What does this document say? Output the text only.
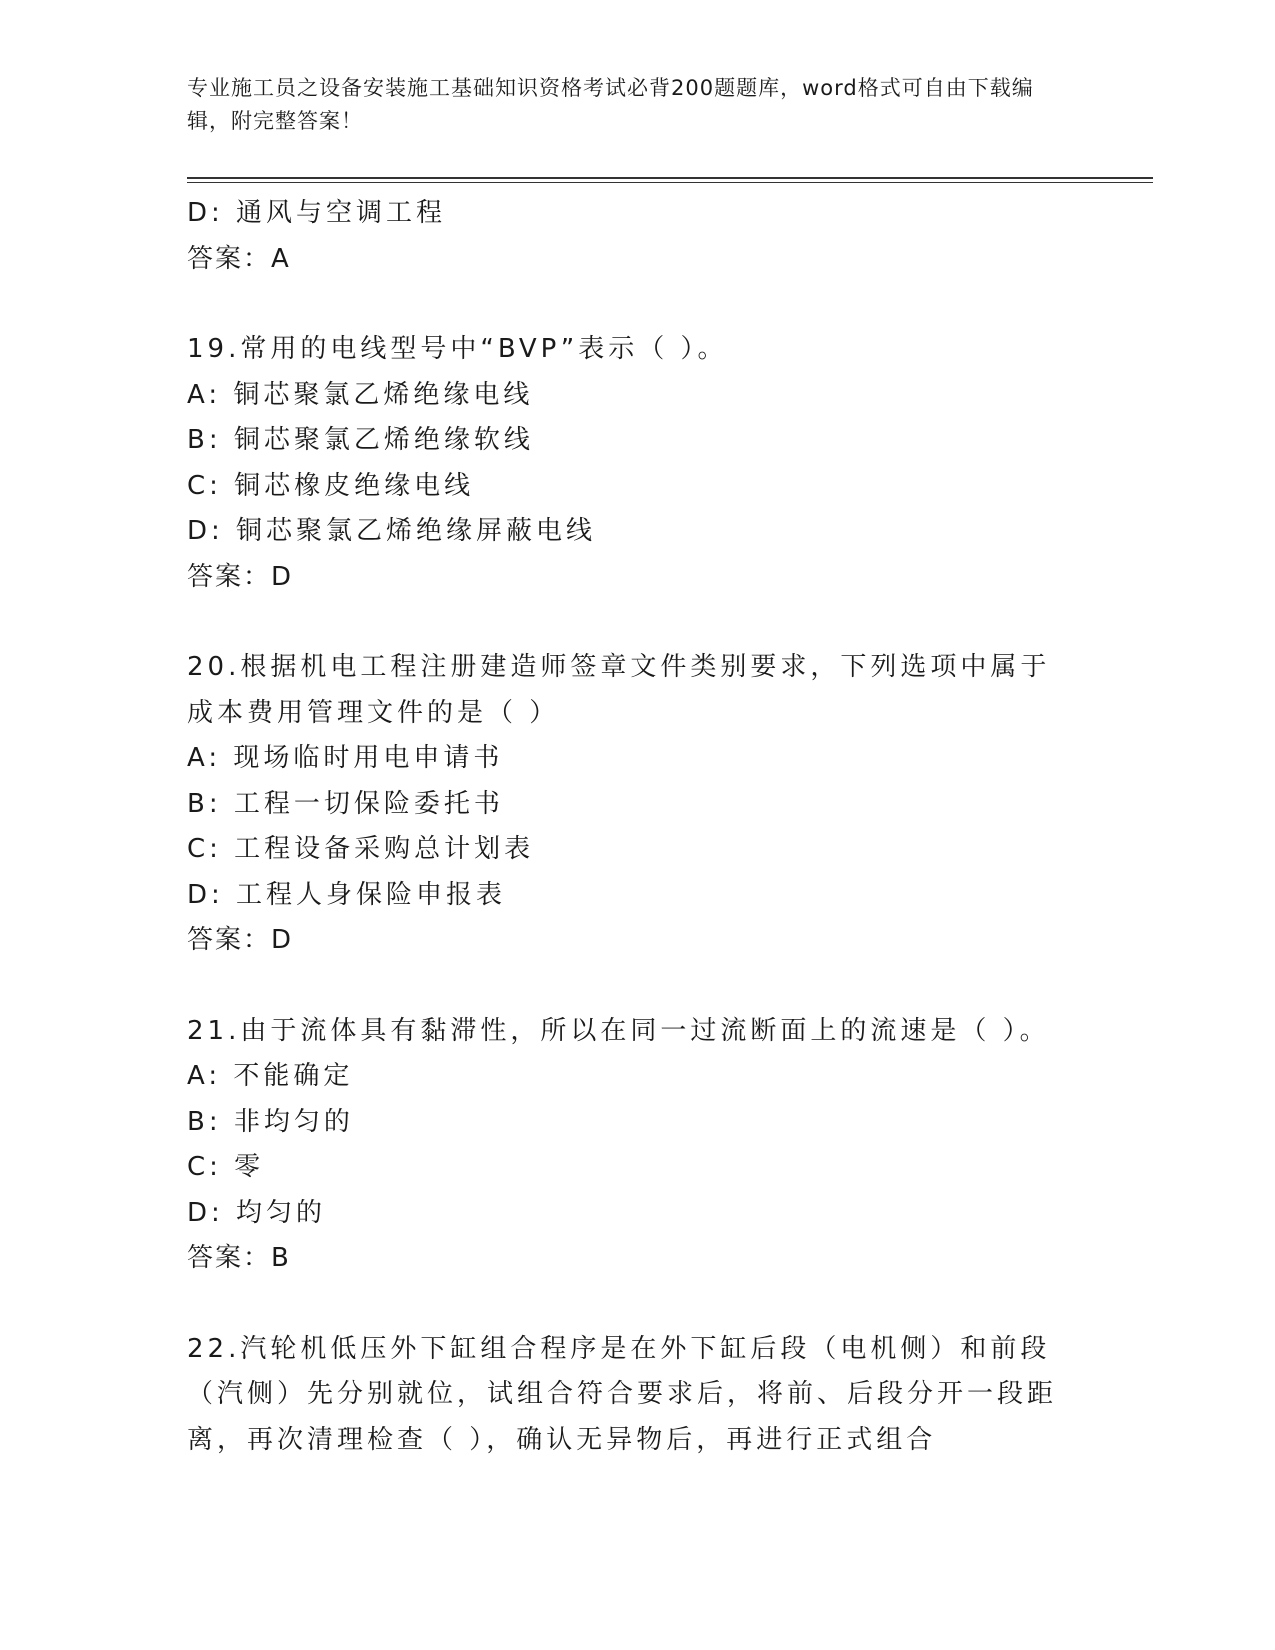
专业施工员之设备安装施工基础知识资格考试必背200题题库，word格式可自由下载编辑，附完整答案！
D: 通风与空调工程
答案：A
19.常用的电线型号中“BVP”表示（ ）。
A: 铜芯聚氯乙烯绝缘电线
B: 铜芯聚氯乙烯绝缘软线
C: 铜芯橡皮绝缘电线
D: 铜芯聚氯乙烯绝缘屏蔽电线
答案：D
20.根据机电工程注册建造师签章文件类别要求，下列选项中属于成本费用管理文件的是（ ）
A: 现场临时用电申请书
B: 工程一切保险委托书
C: 工程设备采购总计划表
D: 工程人身保险申报表
答案：D
21.由于流体具有黏滞性，所以在同一过流断面上的流速是（ ）。
A: 不能确定
B: 非均匀的
C: 零
D: 均匀的
答案：B
22.汽轮机低压外下缸组合程序是在外下缸后段（电机侧）和前段（汽侧）先分别就位，试组合符合要求后，将前、后段分开一段距离，再次清理检查（ ），确认无异物后，再进行正式组合
